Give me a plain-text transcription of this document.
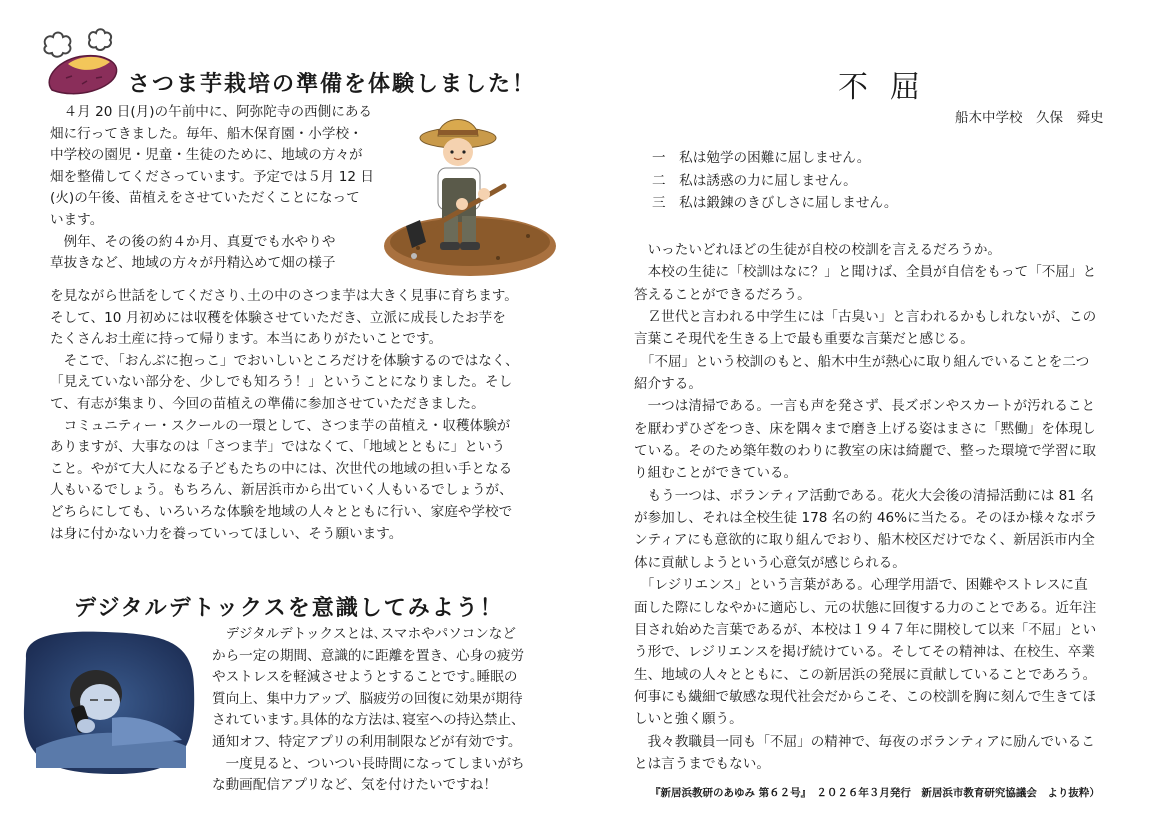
さつま芋栽培の準備を体験しました！
　４月 20 日(月)の午前中に、阿弥陀寺の西側にある
畑に行ってきました。毎年、船木保育園・小学校・
中学校の園児・児童・生徒のために、地域の方々が
畑を整備してくださっています。予定では５月 12 日
(火)の午後、苗植えをさせていただくことになって
います。
　例年、その後の約４か月、真夏でも水やりや
草抜きなど、地域の方々が丹精込めて畑の様子
を見ながら世話をしてくださり､土の中のさつま芋は大きく見事に育ちます。
そして、10 月初めには収穫を体験させていただき、立派に成長したお芋を
たくさんお土産に持って帰ります。本当にありがたいことです。
　そこで､「おんぶに抱っこ」でおいしいところだけを体験するのではなく、
「見えていない部分を、少しでも知ろう！」ということになりました。そし
て、有志が集まり、今回の苗植えの準備に参加させていただきました。
　コミュニティー・スクールの一環として、さつま芋の苗植え・収穫体験が
ありますが、大事なのは「さつま芋」ではなくて、「地域とともに」という
こと。やがて大人になる子どもたちの中には、次世代の地域の担い手となる
人もいるでしょう。もちろん、新居浜市から出ていく人もいるでしょうが、
どちらにしても、いろいろな体験を地域の人々とともに行い、家庭や学校で
は身に付かない力を養っていってほしい、そう願います。
デジタルデトックスを意識してみよう！
　デジタルデトックスとは､スマホやパソコンなど
から一定の期間、意識的に距離を置き、心身の疲労
やストレスを軽減させようとすることです｡睡眠の
質向上、集中力アップ、脳疲労の回復に効果が期待
されています｡具体的な方法は､寝室への持込禁止、
通知オフ、特定アプリの利用制限などが有効です。
　一度見ると、ついつい長時間になってしまいがち
な動画配信アプリなど、気を付けたいですね！
不屈
船木中学校　久保　舜史
一　私は勉学の困難に屈しません。
二　私は誘惑の力に屈しません。
三　私は鍛錬のきびしさに屈しません。
　いったいどれほどの生徒が自校の校訓を言えるだろうか。
　本校の生徒に「校訓はなに？」と聞けば、全員が自信をもって「不屈」と
答えることができるだろう。
　Ｚ世代と言われる中学生には「古臭い」と言われるかもしれないが、この
言葉こそ現代を生きる上で最も重要な言葉だと感じる。
　「不屈」という校訓のもと、船木中生が熱心に取り組んでいることを二つ
紹介する。
　一つは清掃である。一言も声を発さず、長ズボンやスカートが汚れること
を厭わずひざをつき、床を隅々まで磨き上げる姿はまさに「黙働」を体現し
ている。そのため築年数のわりに教室の床は綺麗で、整った環境で学習に取
り組むことができている。
　もう一つは、ボランティア活動である。花火大会後の清掃活動には 81 名
が参加し、それは全校生徒 178 名の約 46%に当たる。そのほか様々なボラ
ンティアにも意欲的に取り組んでおり、船木校区だけでなく、新居浜市内全
体に貢献しようという心意気が感じられる。
　「レジリエンス」という言葉がある。心理学用語で、困難やストレスに直
面した際にしなやかに適応し、元の状態に回復する力のことである。近年注
目され始めた言葉であるが、本校は１９４７年に開校して以来「不屈」とい
う形で、レジリエンスを掲げ続けている。そしてその精神は、在校生、卒業
生、地域の人々とともに、この新居浜の発展に貢献していることであろう。
何事にも繊細で敏感な現代社会だからこそ、この校訓を胸に刻んで生きてほ
しいと強く願う。
　我々教職員一同も「不屈」の精神で、毎夜のボランティアに励んでいるこ
とは言うまでもない。
『新居浜教研のあゆみ 第６２号』　２０２６年３月発行　新居浜市教育研究協議会　より抜粋）
